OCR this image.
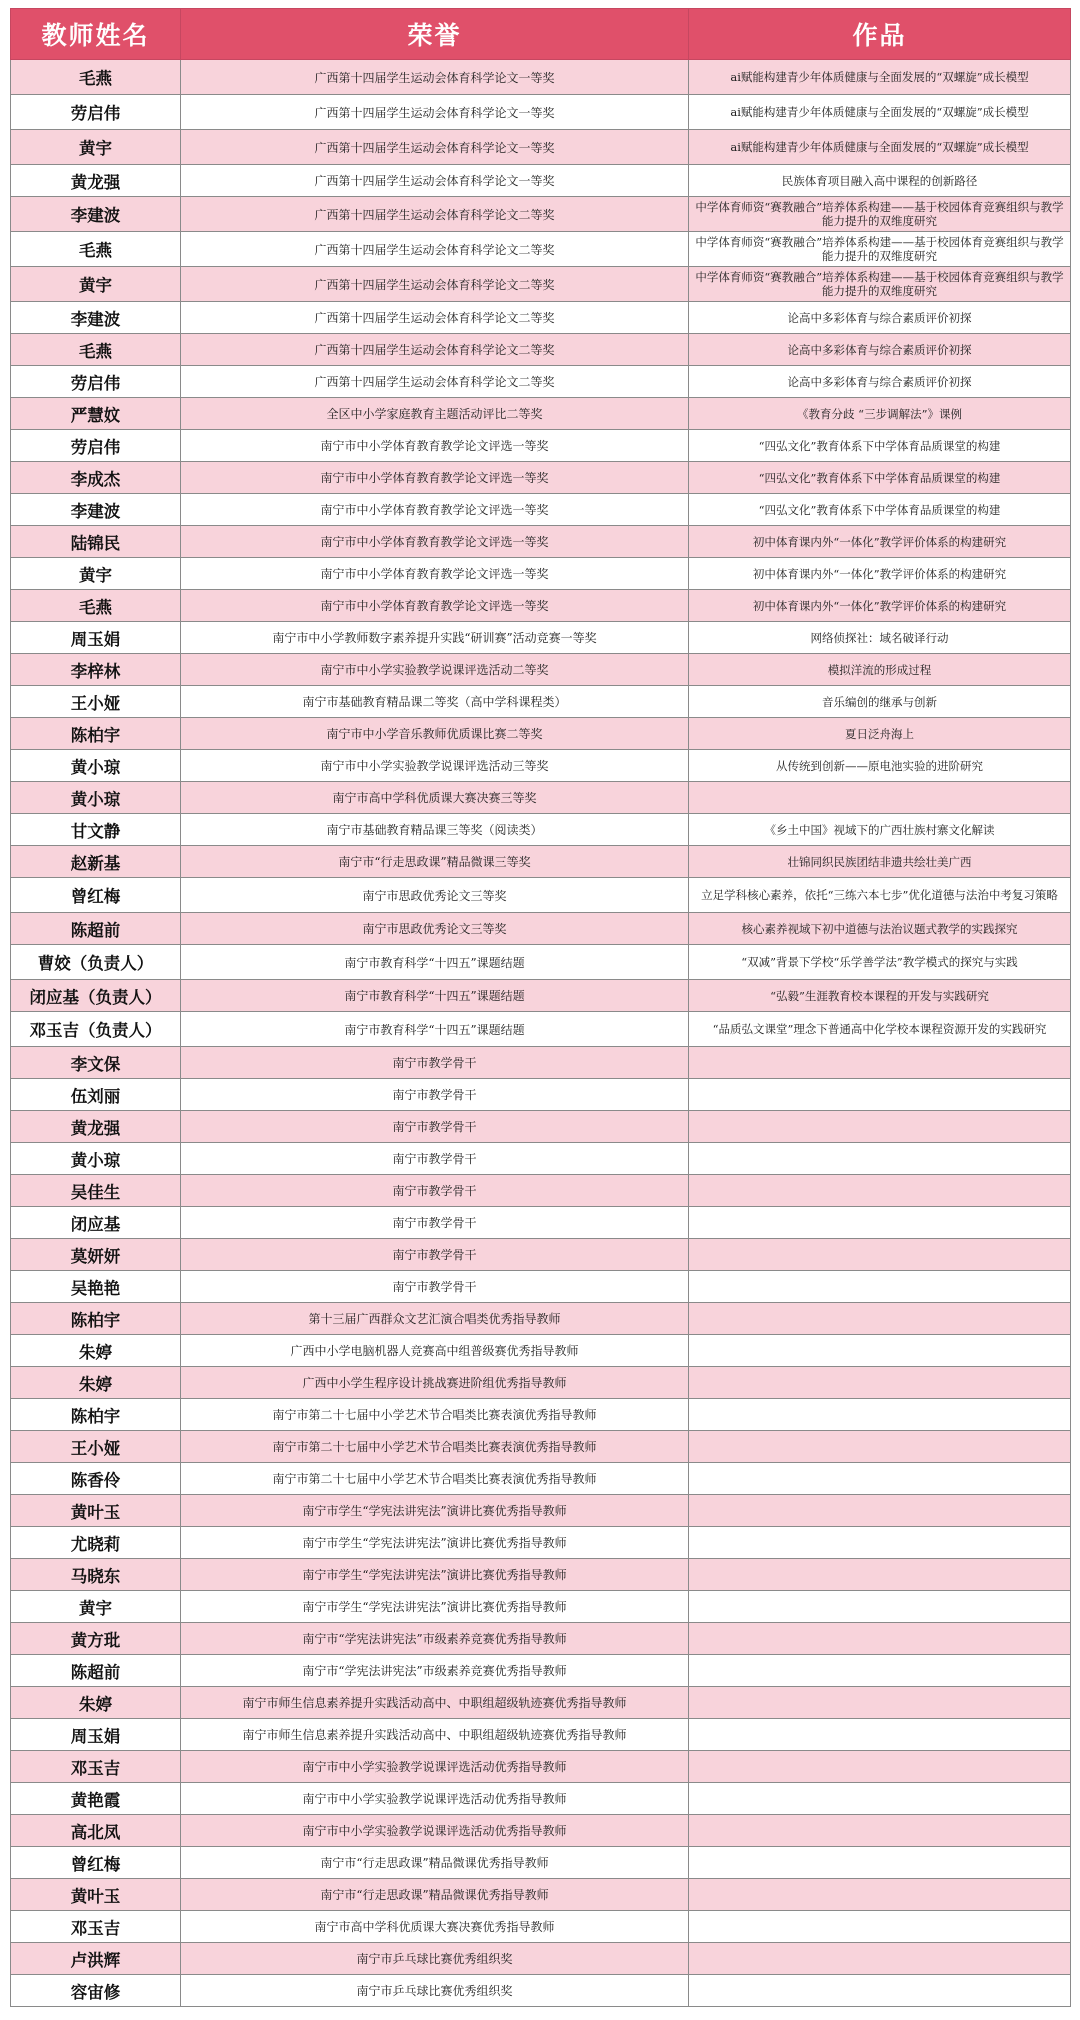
教师姓名	荣誉	作品
毛燕	广西第十四届学生运动会体育科学论文一等奖	ai赋能构建青少年体质健康与全面发展的“双螺旋”成长模型
劳启伟	广西第十四届学生运动会体育科学论文一等奖	ai赋能构建青少年体质健康与全面发展的“双螺旋”成长模型
黄宇	广西第十四届学生运动会体育科学论文一等奖	ai赋能构建青少年体质健康与全面发展的“双螺旋”成长模型
黄龙强	广西第十四届学生运动会体育科学论文一等奖	民族体育项目融入高中课程的创新路径
李建波	广西第十四届学生运动会体育科学论文二等奖	中学体育师资“赛教融合”培养体系构建——基于校园体育竞赛组织与教学能力提升的双维度研究
毛燕	广西第十四届学生运动会体育科学论文二等奖	中学体育师资“赛教融合”培养体系构建——基于校园体育竞赛组织与教学能力提升的双维度研究
黄宇	广西第十四届学生运动会体育科学论文二等奖	中学体育师资“赛教融合”培养体系构建——基于校园体育竞赛组织与教学能力提升的双维度研究
李建波	广西第十四届学生运动会体育科学论文二等奖	论高中多彩体育与综合素质评价初探
毛燕	广西第十四届学生运动会体育科学论文二等奖	论高中多彩体育与综合素质评价初探
劳启伟	广西第十四届学生运动会体育科学论文二等奖	论高中多彩体育与综合素质评价初探
严慧妏	全区中小学家庭教育主题活动评比二等奖	《教育分歧 “三步调解法”》课例
劳启伟	南宁市中小学体育教育教学论文评选一等奖	“四弘文化”教育体系下中学体育品质课堂的构建
李成杰	南宁市中小学体育教育教学论文评选一等奖	“四弘文化”教育体系下中学体育品质课堂的构建
李建波	南宁市中小学体育教育教学论文评选一等奖	“四弘文化”教育体系下中学体育品质课堂的构建
陆锦民	南宁市中小学体育教育教学论文评选一等奖	初中体育课内外“一体化”教学评价体系的构建研究
黄宇	南宁市中小学体育教育教学论文评选一等奖	初中体育课内外“一体化”教学评价体系的构建研究
毛燕	南宁市中小学体育教育教学论文评选一等奖	初中体育课内外“一体化”教学评价体系的构建研究
周玉娟	南宁市中小学教师数字素养提升实践“研训赛”活动竞赛一等奖	网络侦探社：域名破译行动
李梓林	南宁市中小学实验教学说课评选活动二等奖	模拟洋流的形成过程
王小娅	南宁市基础教育精品课二等奖（高中学科课程类）	音乐编创的继承与创新
陈柏宇	南宁市中小学音乐教师优质课比赛二等奖	夏日泛舟海上
黄小琼	南宁市中小学实验教学说课评选活动三等奖	从传统到创新——原电池实验的进阶研究
黄小琼	南宁市高中学科优质课大赛决赛三等奖	
甘文静	南宁市基础教育精品课三等奖（阅读类）	《乡土中国》视域下的广西壮族村寨文化解读
赵新基	南宁市“行走思政课”精品微课三等奖	壮锦同织民族团结非遗共绘壮美广西
曾红梅	南宁市思政优秀论文三等奖	立足学科核心素养，依托“三练六本七步”优化道德与法治中考复习策略
陈超前	南宁市思政优秀论文三等奖	核心素养视域下初中道德与法治议题式教学的实践探究
曹姣（负责人）	南宁市教育科学“十四五”课题结题	“双减”背景下学校“乐学善学法”教学模式的探究与实践
闭应基（负责人）	南宁市教育科学“十四五”课题结题	“弘毅”生涯教育校本课程的开发与实践研究
邓玉吉（负责人）	南宁市教育科学“十四五”课题结题	“品质弘文课堂”理念下普通高中化学校本课程资源开发的实践研究
李文保	南宁市教学骨干	
伍刘丽	南宁市教学骨干	
黄龙强	南宁市教学骨干	
黄小琼	南宁市教学骨干	
吴佳生	南宁市教学骨干	
闭应基	南宁市教学骨干	
莫妍妍	南宁市教学骨干	
吴艳艳	南宁市教学骨干	
陈柏宇	第十三届广西群众文艺汇演合唱类优秀指导教师	
朱婷	广西中小学电脑机器人竞赛高中组普级赛优秀指导教师	
朱婷	广西中小学生程序设计挑战赛进阶组优秀指导教师	
陈柏宇	南宁市第二十七届中小学艺术节合唱类比赛表演优秀指导教师	
王小娅	南宁市第二十七届中小学艺术节合唱类比赛表演优秀指导教师	
陈香伶	南宁市第二十七届中小学艺术节合唱类比赛表演优秀指导教师	
黄叶玉	南宁市学生“学宪法讲宪法”演讲比赛优秀指导教师	
尤晓莉	南宁市学生“学宪法讲宪法”演讲比赛优秀指导教师	
马晓东	南宁市学生“学宪法讲宪法”演讲比赛优秀指导教师	
黄宇	南宁市学生“学宪法讲宪法”演讲比赛优秀指导教师	
黄方玭	南宁市“学宪法讲宪法”市级素养竞赛优秀指导教师	
陈超前	南宁市“学宪法讲宪法”市级素养竞赛优秀指导教师	
朱婷	南宁市师生信息素养提升实践活动高中、中职组超级轨迹赛优秀指导教师	
周玉娟	南宁市师生信息素养提升实践活动高中、中职组超级轨迹赛优秀指导教师	
邓玉吉	南宁市中小学实验教学说课评选活动优秀指导教师	
黄艳霞	南宁市中小学实验教学说课评选活动优秀指导教师	
高北凤	南宁市中小学实验教学说课评选活动优秀指导教师	
曾红梅	南宁市“行走思政课”精品微课优秀指导教师	
黄叶玉	南宁市“行走思政课”精品微课优秀指导教师	
邓玉吉	南宁市高中学科优质课大赛决赛优秀指导教师	
卢洪辉	南宁市乒乓球比赛优秀组织奖	
容宙修	南宁市乒乓球比赛优秀组织奖	
